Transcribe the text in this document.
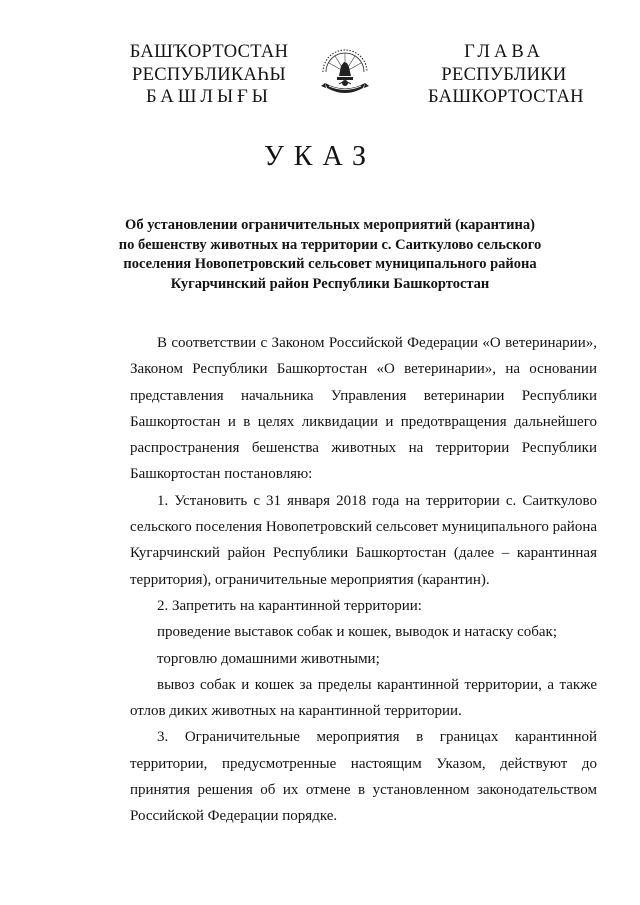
БАШҠОРТОСТАН
РЕСПУБЛИКАҺЫ
БАШЛЫҒЫ
ГЛАВА
РЕСПУБЛИКИ
БАШКОРТОСТАН
УКАЗ
Об установлении ограничительных мероприятий (карантина)
по бешенству животных на территории с. Саиткулово сельского
поселения Новопетровский сельсовет муниципального района
Кугарчинский район Республики Башкортостан

В соответствии с Законом Российской Федерации «О ветеринарии», Законом Республики Башкортостан «О ветеринарии», на основании представления начальника Управления ветеринарии Республики Башкортостан и в целях ликвидации и предотвращения дальнейшего распространения бешенства животных на территории Республики Башкортостан постановляю:

1. Установить с 31 января 2018 года на территории с. Саиткулово сельского поселения Новопетровский сельсовет муниципального района Кугарчинский район Республики Башкортостан (далее – карантинная территория), ограничительные мероприятия (карантин).

2. Запретить на карантинной территории:

проведение выставок собак и кошек, выводок и натаску собак;

торговлю домашними животными;

вывоз собак и кошек за пределы карантинной территории, а также отлов диких животных на карантинной территории.

3. Ограничительные мероприятия в границах карантинной территории, предусмотренные настоящим Указом, действуют до принятия решения об их отмене в установленном законодательством Российской Федерации порядке.
